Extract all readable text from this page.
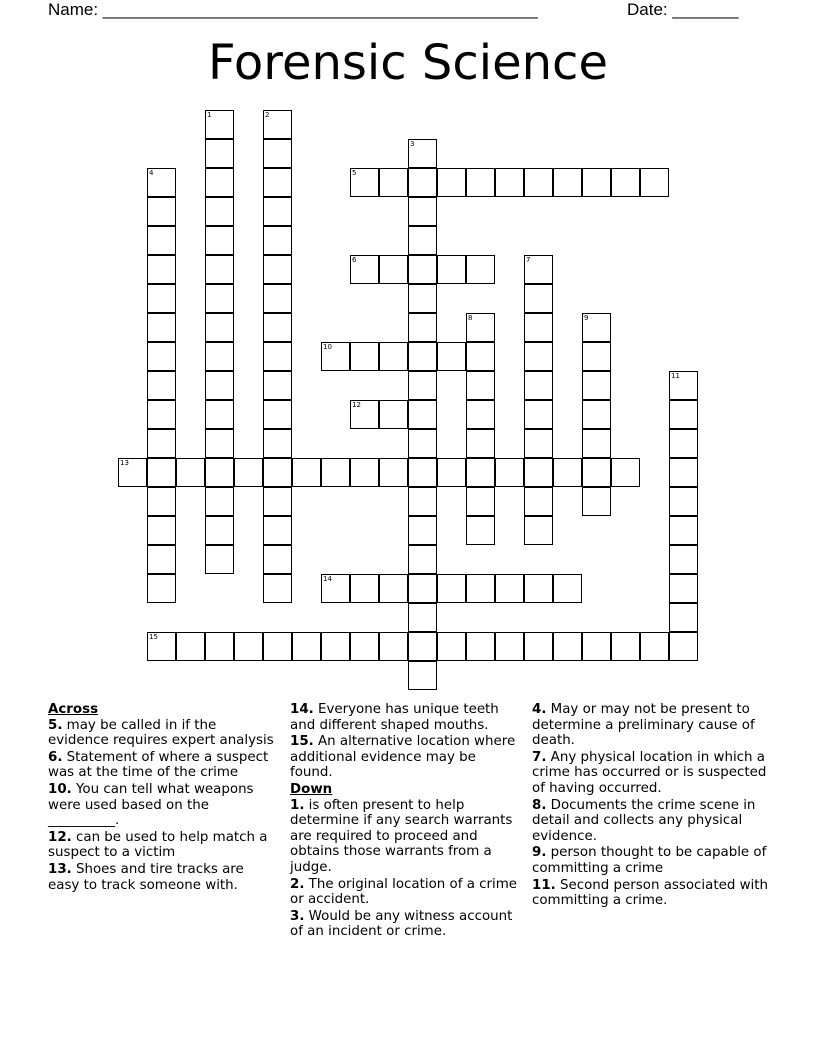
Name: ______________________________________________	Date: _______
Forensic Science
1	2
3
4	5
6	7
8	9
10
11
12
13
14
15
Across
5. may be called in if the evidence requires expert analysis
6. Statement of where a suspect was at the time of the crime
10. You can tell what weapons were used based on the __________.
12. can be used to help match a suspect to a victim
13. Shoes and tire tracks are easy to track someone with.
14. Everyone has unique teeth and different shaped mouths.
15. An alternative location where additional evidence may be found.
Down
1. is often present to help determine if any search warrants are required to proceed and obtains those warrants from a judge.
2. The original location of a crime or accident.
3. Would be any witness account of an incident or crime.
4. May or may not be present to determine a preliminary cause of death.
7. Any physical location in which a crime has occurred or is suspected of having occurred.
8. Documents the crime scene in detail and collects any physical evidence.
9. person thought to be capable of committing a crime
11. Second person associated with committing a crime.
